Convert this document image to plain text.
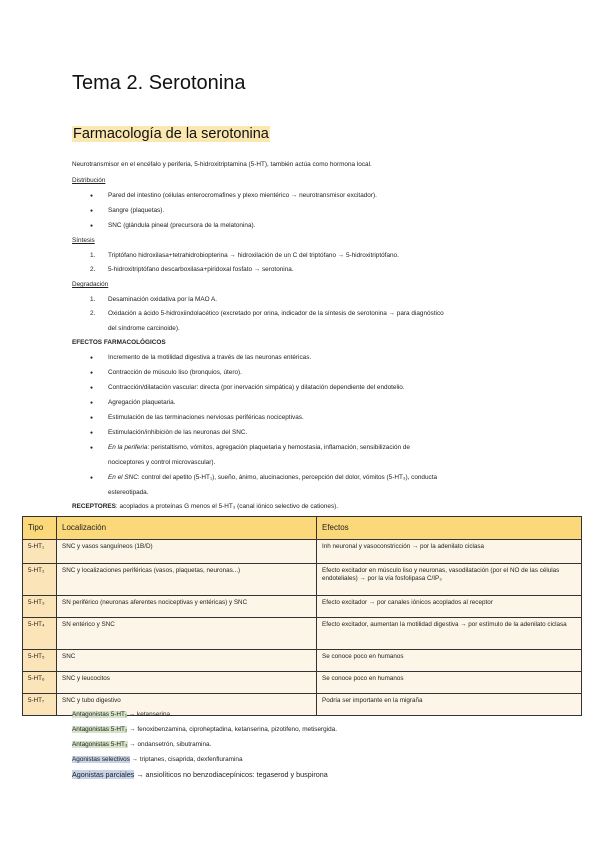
Tema 2. Serotonina
Farmacología de la serotonina
Neurotransmisor en el encéfalo y periferia, 5-hidroxitriptamina (5-HT), también actúa como hormona local.
Distribución
● Pared del intestino (células enterocromafines y plexo mientérico → neurotransmisor excitador).
● Sangre (plaquetas).
● SNC (glándula pineal (precursora de la melatonina).
Síntesis
1. Triptófano hidroxilasa+tetrahidrobiopterina → hidroxilación de un C del triptófano → 5-hidroxitriptófano.
2. 5-hidroxitriptófano descarboxilasa+piridoxal fosfato → serotonina.
Degradación
1. Desaminación oxidativa por la MAO A.
2. Oxidación a ácido 5-hidroxiindolacético (excretado por orina, indicador de la síntesis de serotonina → para diagnóstico
del síndrome carcinoide).
EFECTOS FARMACOLÓGICOS
● Incremento de la motilidad digestiva a través de las neuronas entéricas.
● Contracción de músculo liso (bronquios, útero).
● Contracción/dilatación vascular: directa (por inervación simpática) y dilatación dependiente del endotelio.
● Agregación plaquetaria.
● Estimulación de las terminaciones nerviosas periféricas nociceptivas.
● Estimulación/inhibición de las neuronas del SNC.
● En la periferia: peristaltismo, vómitos, agregación plaquetaria y hemostasia, inflamación, sensibilización de
nociceptores y control microvascular).
● En el SNC: control del apetito (5-HT₁), sueño, ánimo, alucinaciones, percepción del dolor, vómitos (5-HT₃), conducta
estereotipada.
RECEPTORES: acoplados a proteínas G menos el 5-HT₃ (canal iónico selectivo de cationes).
Tipo	Localización	Efectos
5-HT₁	SNC y vasos sanguíneos (1B/D)	Inh neuronal y vasoconstricción → por la adenilato ciclasa
5-HT₂	SNC y localizaciones periféricas (vasos, plaquetas, neuronas...)	Efecto excitador en músculo liso y neuronas, vasodilatación (por el NO de las células endoteliales) → por la vía fosfolipasa C/IP₃
5-HT₃	SN periférico (neuronas aferentes nociceptivas y entéricas) y SNC	Efecto excitador → por canales iónicos acoplados al receptor
5-HT₄	SN entérico y SNC	Efecto excitador, aumentan la motilidad digestiva → por estímulo de la adenilato ciclasa
5-HT₅	SNC	Se conoce poco en humanos
5-HT₆	SNC y leucocitos	Se conoce poco en humanos
5-HT₇	SNC y tubo digestivo	Podría ser importante en la migraña
Antagonistas 5-HT₁ → ketanserina.
Antagonistas 5-HT₂ → fenoxibenzamina, ciproheptadina, ketanserina, pizotifeno, metisergida.
Antagonistas 5-HT₃ → ondansetrón, sibutramina.
Agonistas selectivos → triptanes, cisaprida, dexfenfluramina
Agonistas parciales → ansiolíticos no benzodiacepínicos: tegaserod y buspirona
